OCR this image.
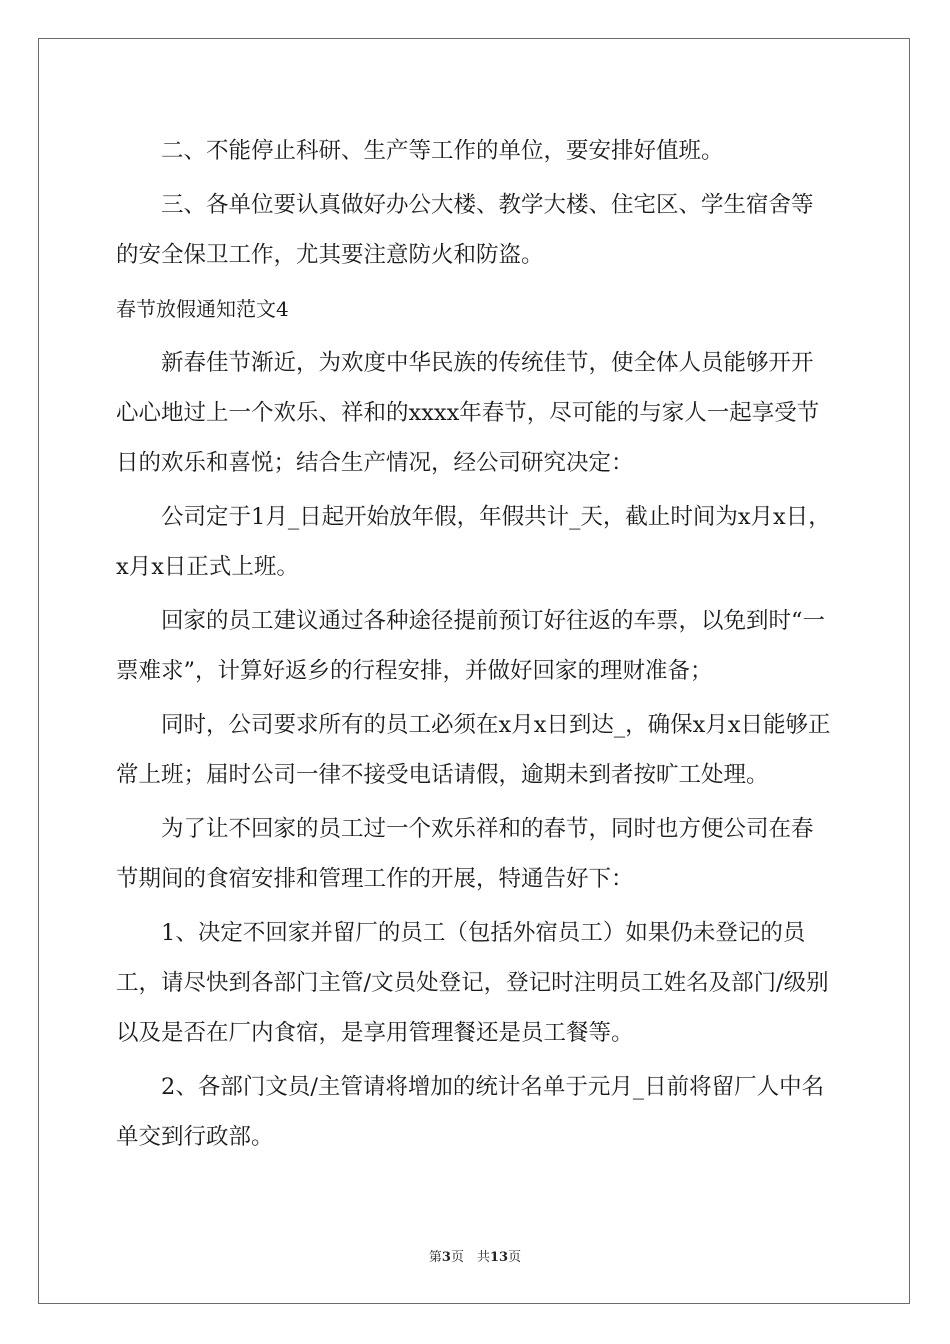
二、不能停止科研、生产等工作的单位，要安排好值班。

三、各单位要认真做好办公大楼、教学大楼、住宅区、学生宿舍等的安全保卫工作，尤其要注意防火和防盗。

春节放假通知范文4

新春佳节渐近，为欢度中华民族的传统佳节，使全体人员能够开开心心地过上一个欢乐、祥和的xxxx年春节，尽可能的与家人一起享受节日的欢乐和喜悦；结合生产情况，经公司研究决定：

公司定于1月_日起开始放年假，年假共计_天，截止时间为x月x日，x月x日正式上班。

回家的员工建议通过各种途径提前预订好往返的车票，以免到时“一票难求”，计算好返乡的行程安排，并做好回家的理财准备；

同时，公司要求所有的员工必须在x月x日到达_，确保x月x日能够正常上班；届时公司一律不接受电话请假，逾期未到者按旷工处理。

为了让不回家的员工过一个欢乐祥和的春节，同时也方便公司在春节期间的食宿安排和管理工作的开展，特通告好下：

1、决定不回家并留厂的员工（包括外宿员工）如果仍未登记的员工，请尽快到各部门主管/文员处登记，登记时注明员工姓名及部门/级别以及是否在厂内食宿，是享用管理餐还是员工餐等。

2、各部门文员/主管请将增加的统计名单于元月_日前将留厂人中名单交到行政部。

第3页　共13页
